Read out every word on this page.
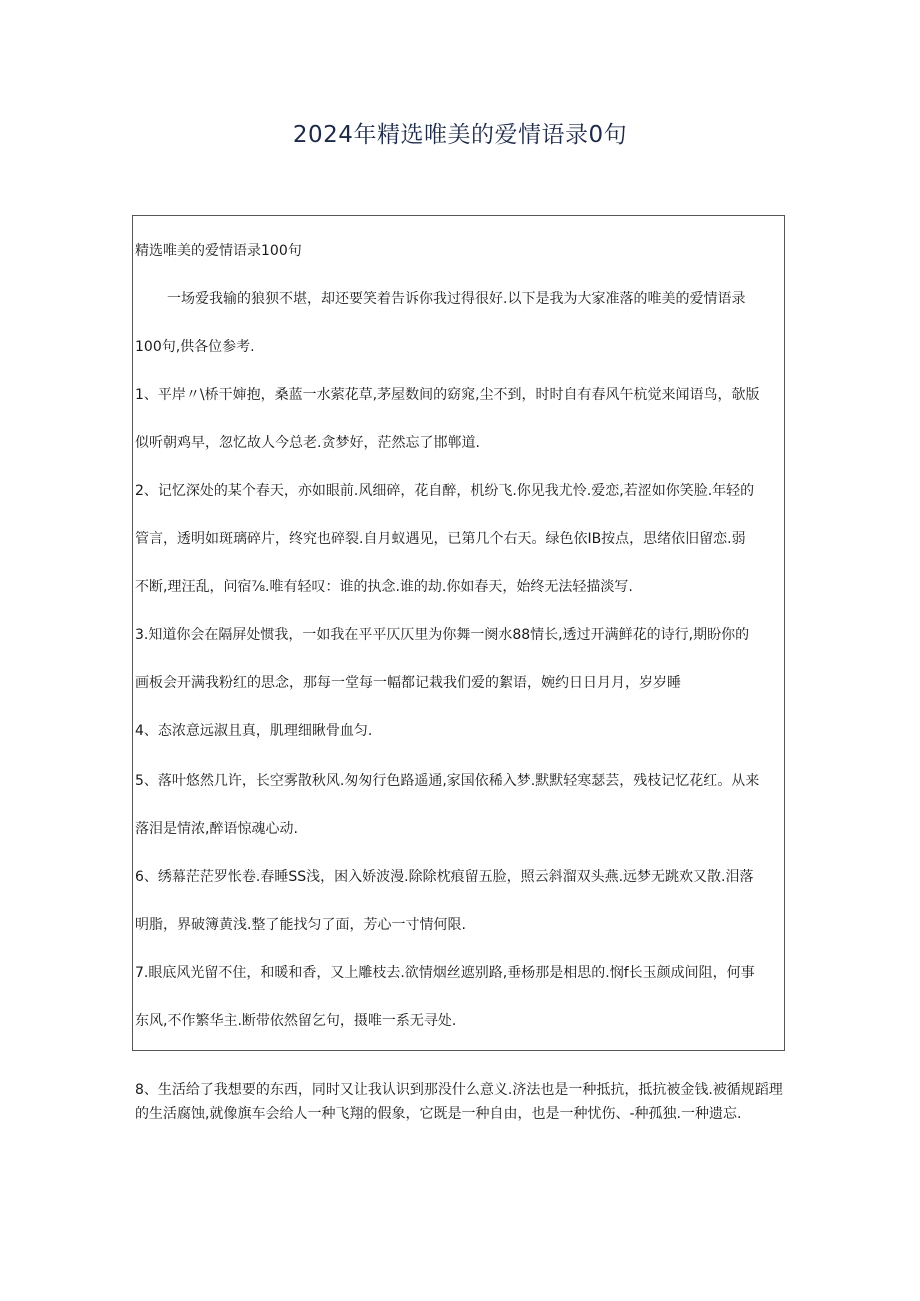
2024年精选唯美的爱情语录0句

精选唯美的爱情语录100句

一场爱我输的狼狈不堪，却还要笑着告诉你我过得很好.以下是我为大家准落的唯美的爱情语录

100句,供各位参考.

1、平岸〃\桥干婶抱，桑蓝一水萦花草,茅屋数间的窈窕,尘不到，时时自有春风午杭觉来闻语鸟，欹版

似听朝鸡早，忽忆故人今总老.贪梦好，茫然忘了邯郸道.

2、记忆深处的某个春天，亦如眼前.风细碎，花自醉，机纷飞.你见我尤怜.爱恋,若涩如你笑脸.年轻的

管言，透明如斑璃碎片，终究也碎裂.自月蚁遇见，已第几个右天。绿色依IB按点，思绪依旧留恋.弱

不断,理汪乱，问宿⅞.唯有轻叹：谁的执念.谁的劫.你如春天，始终无法轻描淡写.

3.知道你会在隔屏处惯我，一如我在平平仄仄里为你舞一阕水88情长,透过开满鲜花的诗行,期盼你的

画板会开满我粉红的思念，那每一堂每一幅都记栽我们爱的絮语，婉约日日月月，岁岁睡

4、态浓意远淑且真，肌理细瞅骨血匀.

5、落叶悠然几许，长空雾散秋风.匆匆行色路遥通,家国依稀入梦.默默轻寒瑟芸，残枝记忆花红。从来

落泪是情浓,醉语惊魂心动.

6、绣幕茫茫罗怅卷.春睡SS浅，困入娇波漫.除除枕痕留五脸，照云斜溜双头燕.远梦无跳欢又散.泪落

明脂，界破簿黄浅.整了能找匀了面，芳心一寸情何限.

7.眼底风光留不住，和暖和香，又上雕枝去.欲情烟丝遮别路,垂杨那是相思的.悯f长玉颜成间阻，何事

东风,不作繁华主.断带依然留乞句，摄唯一系无寻处.

8、生活给了我想要的东西，同时又让我认识到那没什么意义.济法也是一种抵抗，抵抗被金钱.被循规蹈理的生活腐蚀,就像旗车会给人一种飞翔的假象，它既是一种自由，也是一种忧伤、-种孤独.一种遗忘.
